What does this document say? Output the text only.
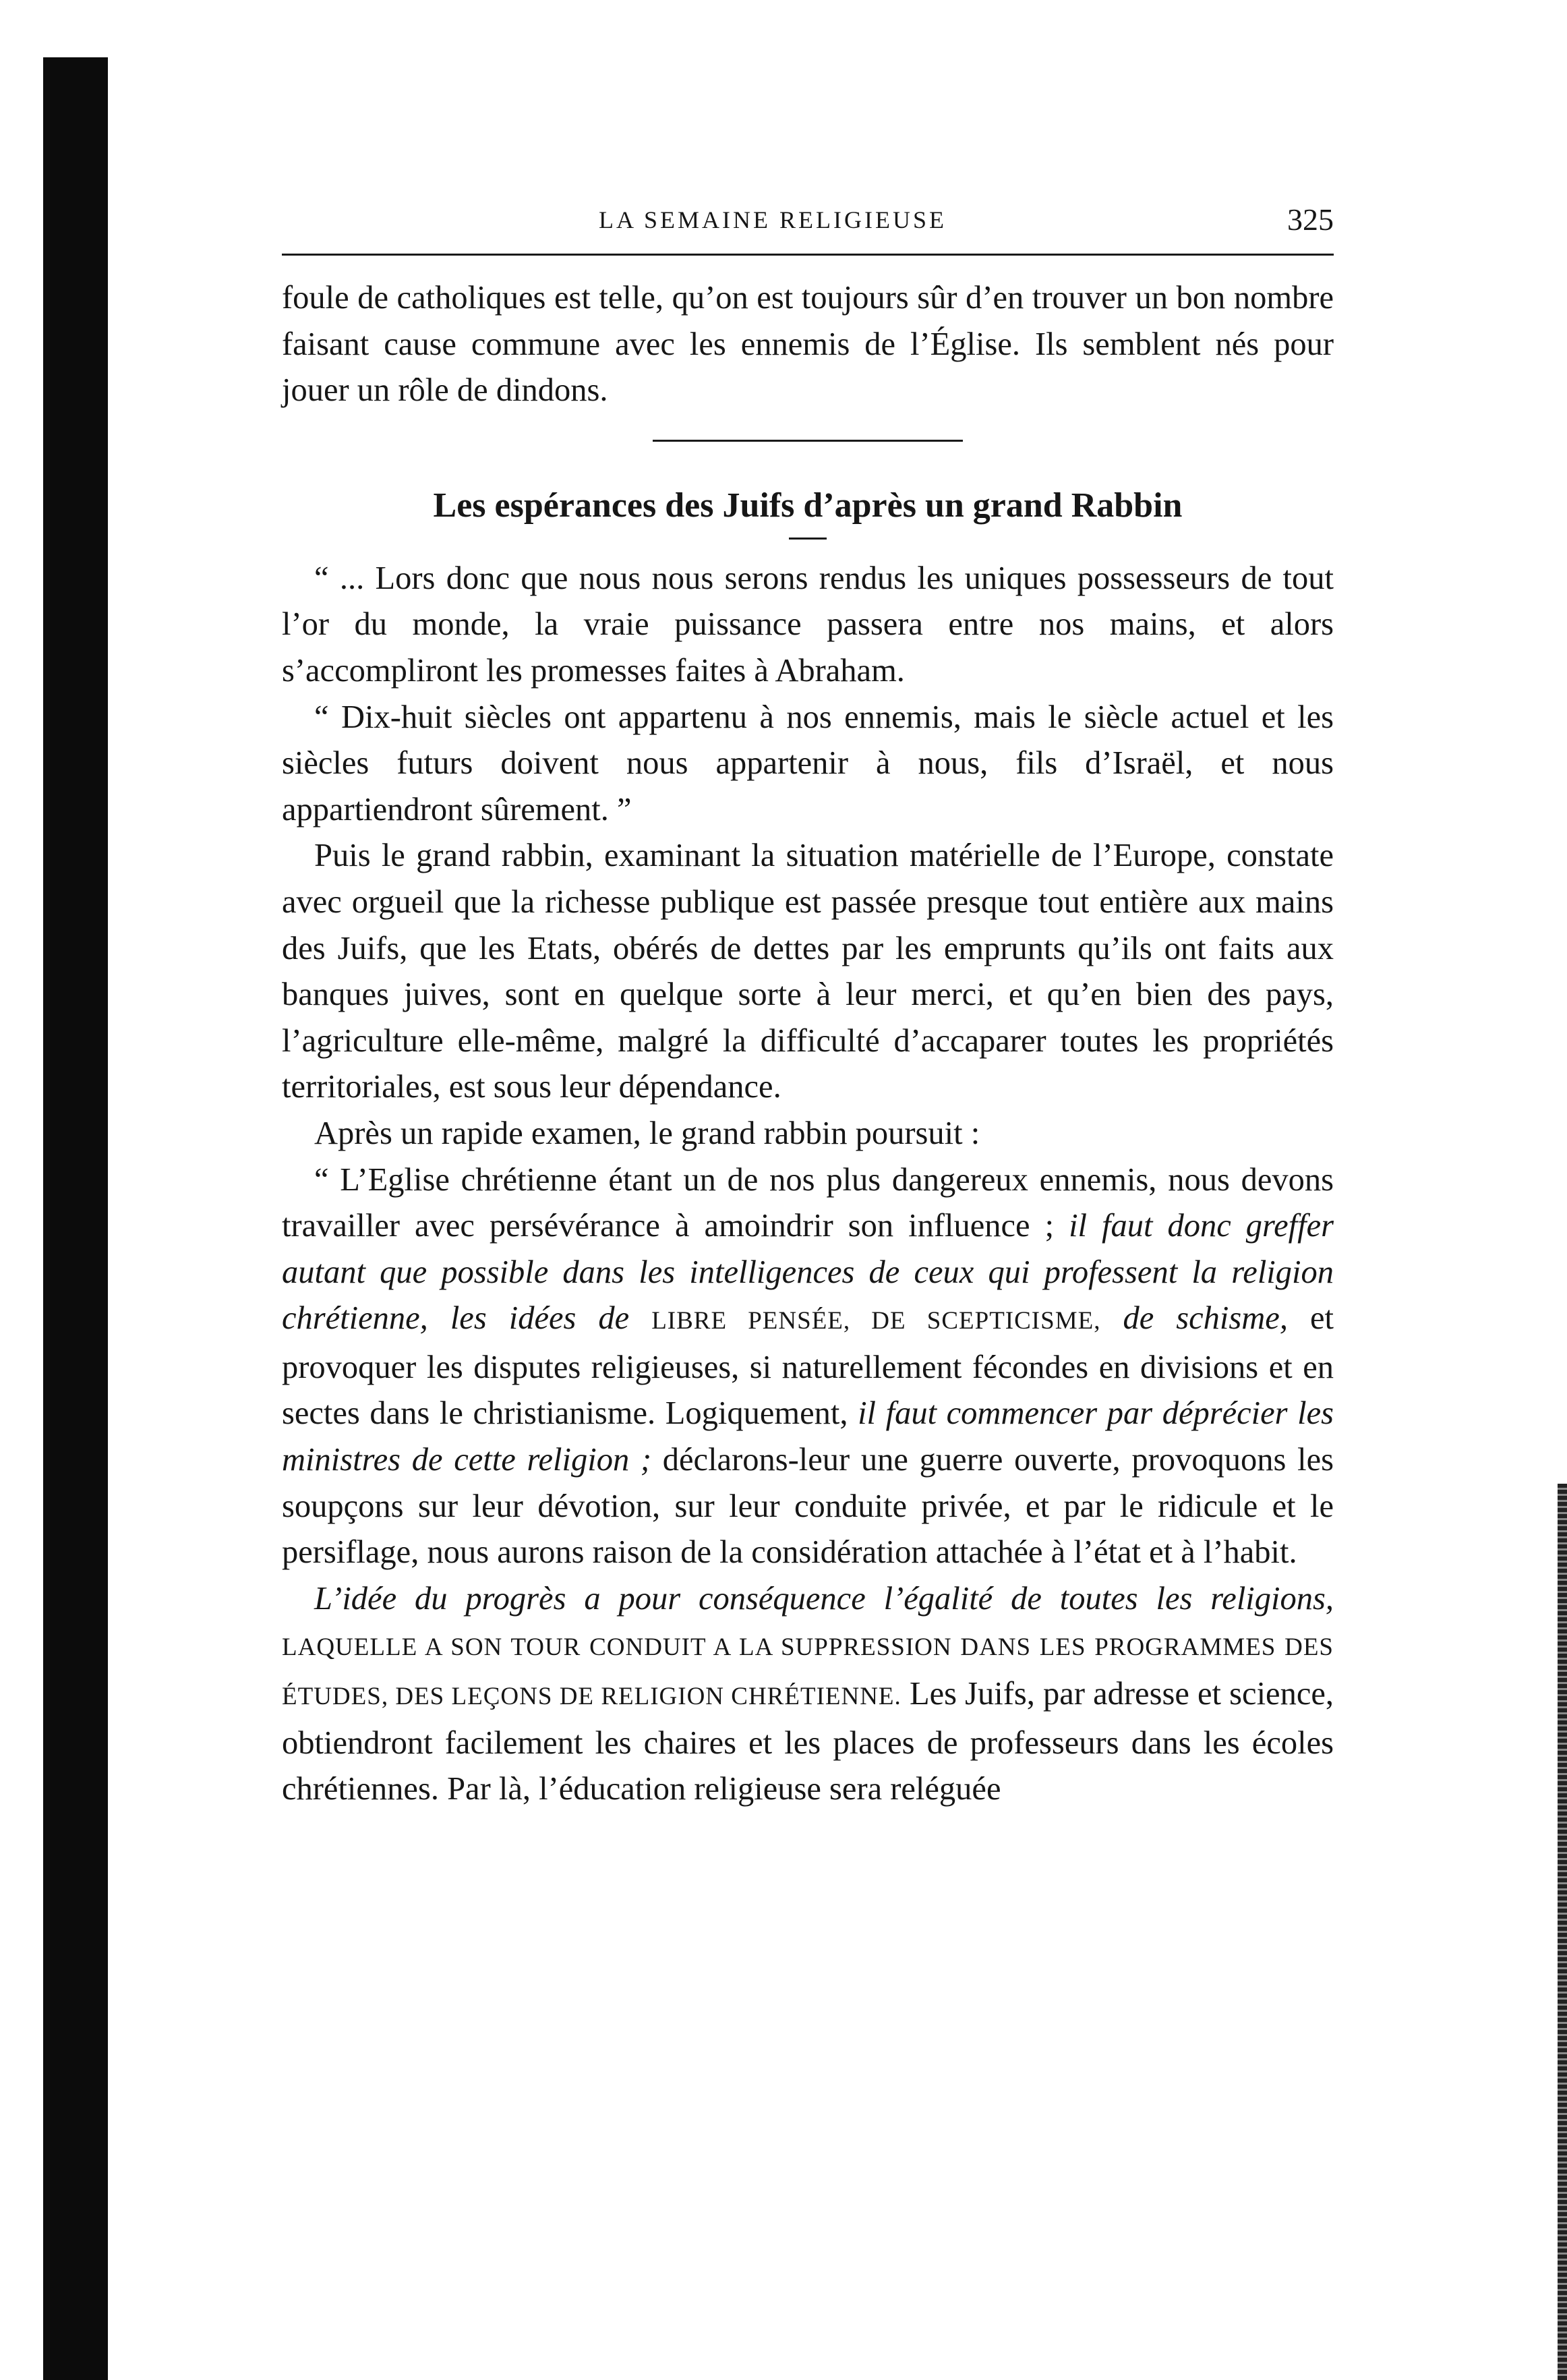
LA SEMAINE RELIGIEUSE	325

foule de catholiques est telle, qu’on est toujours sûr d’en trouver un bon nombre faisant cause commune avec les ennemis de l’Église. Ils semblent nés pour jouer un rôle de dindons.

Les espérances des Juifs d’après un grand Rabbin

“ ... Lors donc que nous nous serons rendus les uniques possesseurs de tout l’or du monde, la vraie puissance passera entre nos mains, et alors s’accompliront les promesses faites à Abraham.

“ Dix-huit siècles ont appartenu à nos ennemis, mais le siècle actuel et les siècles futurs doivent nous appartenir à nous, fils d’Israël, et nous appartiendront sûrement. ”

Puis le grand rabbin, examinant la situation matérielle de l’Europe, constate avec orgueil que la richesse publique est passée presque tout entière aux mains des Juifs, que les Etats, obérés de dettes par les emprunts qu’ils ont faits aux banques juives, sont en quelque sorte à leur merci, et qu’en bien des pays, l’agriculture elle-même, malgré la difficulté d’accaparer toutes les propriétés territoriales, est sous leur dépendance.

Après un rapide examen, le grand rabbin poursuit :

“ L’Eglise chrétienne étant un de nos plus dangereux ennemis, nous devons travailler avec persévérance à amoindrir son influence ; il faut donc greffer autant que possible dans les intelligences de ceux qui professent la religion chrétienne, les idées de LIBRE PENSÉE, DE SCEPTICISME, de schisme, et provoquer les disputes religieuses, si naturellement fécondes en divisions et en sectes dans le christianisme. Logiquement, il faut commencer par déprécier les ministres de cette religion ; déclarons-leur une guerre ouverte, provoquons les soupçons sur leur dévotion, sur leur conduite privée, et par le ridicule et le persiflage, nous aurons raison de la considération attachée à l’état et à l’habit.

L’idée du progrès a pour conséquence l’égalité de toutes les religions, LAQUELLE A SON TOUR CONDUIT A LA SUPPRESSION DANS LES PROGRAMMES DES ÉTUDES, DES LEÇONS DE RELIGION CHRÉTIENNE. Les Juifs, par adresse et science, obtiendront facilement les chaires et les places de professeurs dans les écoles chrétiennes. Par là, l’éducation religieuse sera reléguée
